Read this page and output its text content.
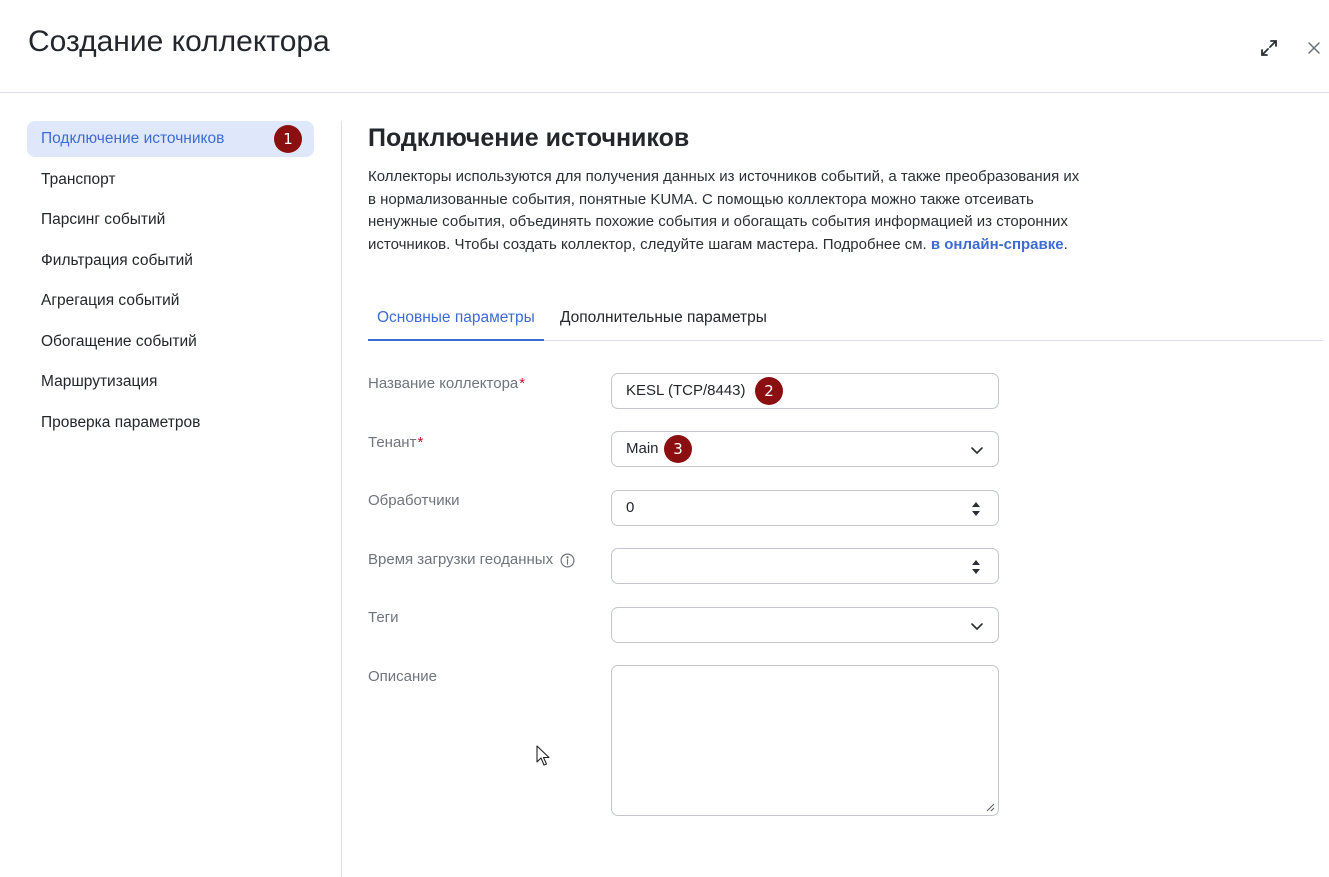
Создание коллектора
Подключение источников	1
Транспорт
Парсинг событий
Фильтрация событий
Агрегация событий
Обогащение событий
Маршрутизация
Проверка параметров
Подключение источников
Коллекторы используются для получения данных из источников событий, а также преобразования их в нормализованные события, понятные KUMA. С помощью коллектора можно также отсеивать ненужные события, объединять похожие события и обогащать события информацией из сторонних источников. Чтобы создать коллектор, следуйте шагам мастера. Подробнее см. в онлайн-справке.
Основные параметры	Дополнительные параметры
Название коллектора *	KESL (TCP/8443)	2
Тенант *	Main 3
Обработчики	0
Время загрузки геоданных
Теги
Описание
